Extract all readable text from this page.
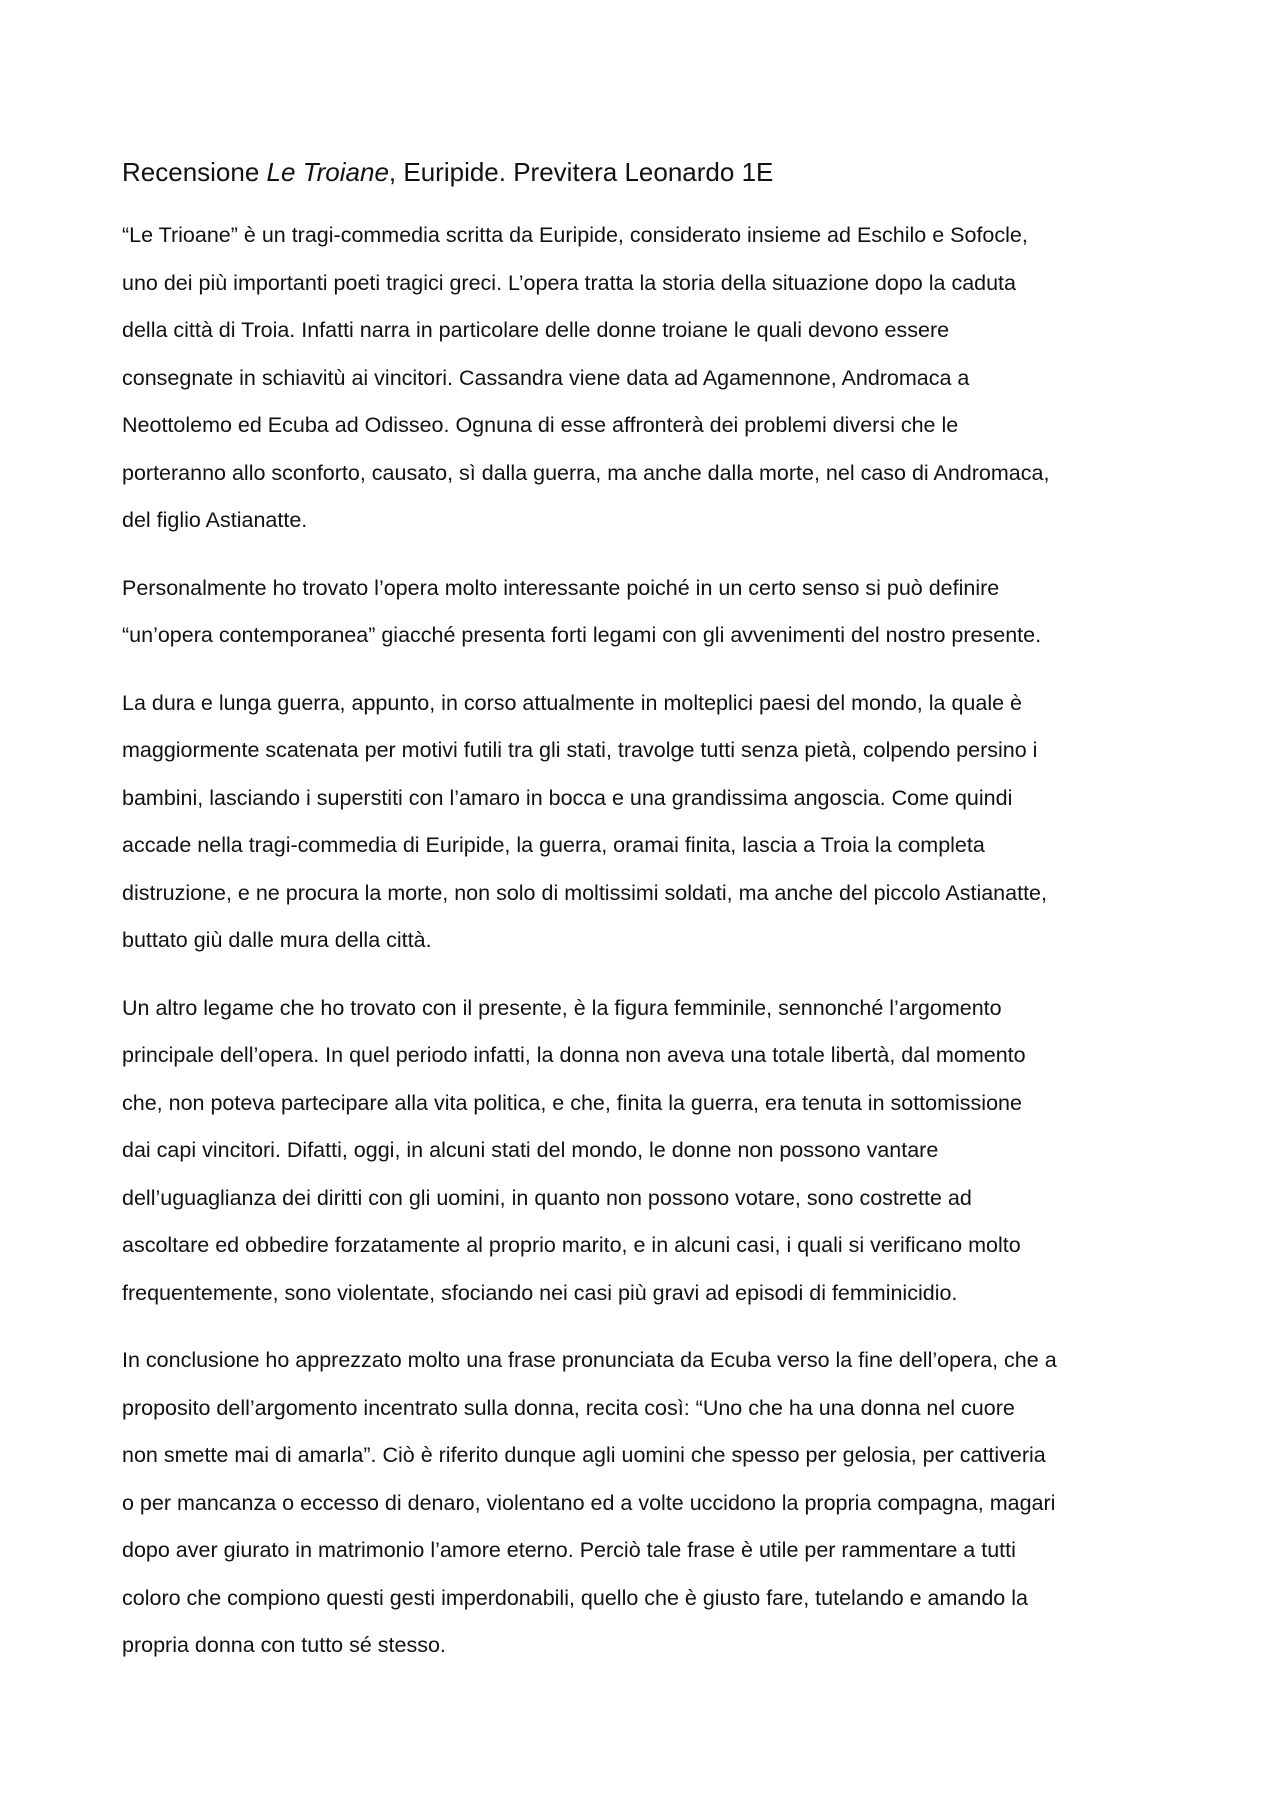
Recensione Le Troiane, Euripide. Previtera Leonardo 1E

“Le Trioane” è un tragi-commedia scritta da Euripide, considerato insieme ad Eschilo e Sofocle,
uno dei più importanti poeti tragici greci. L’opera tratta la storia della situazione dopo la caduta
della città di Troia. Infatti narra in particolare delle donne troiane le quali devono essere
consegnate in schiavitù ai vincitori. Cassandra viene data ad Agamennone, Andromaca a
Neottolemo ed Ecuba ad Odisseo. Ognuna di esse affronterà dei problemi diversi che le
porteranno allo sconforto, causato, sì dalla guerra, ma anche dalla morte, nel caso di Andromaca,
del figlio Astianatte.

Personalmente ho trovato l’opera molto interessante poiché in un certo senso si può definire
“un’opera contemporanea” giacché presenta forti legami con gli avvenimenti del nostro presente.

La dura e lunga guerra, appunto, in corso attualmente in molteplici paesi del mondo, la quale è
maggiormente scatenata per motivi futili tra gli stati, travolge tutti senza pietà, colpendo persino i
bambini, lasciando i superstiti con l’amaro in bocca e una grandissima angoscia. Come quindi
accade nella tragi-commedia di Euripide, la guerra, oramai finita, lascia a Troia la completa
distruzione, e ne procura la morte, non solo di moltissimi soldati, ma anche del piccolo Astianatte,
buttato giù dalle mura della città.

Un altro legame che ho trovato con il presente, è la figura femminile, sennonché l’argomento
principale dell’opera. In quel periodo infatti, la donna non aveva una totale libertà, dal momento
che, non poteva partecipare alla vita politica, e che, finita la guerra, era tenuta in sottomissione
dai capi vincitori. Difatti, oggi, in alcuni stati del mondo, le donne non possono vantare
dell’uguaglianza dei diritti con gli uomini, in quanto non possono votare, sono costrette ad
ascoltare ed obbedire forzatamente al proprio marito, e in alcuni casi, i quali si verificano molto
frequentemente, sono violentate, sfociando nei casi più gravi ad episodi di femminicidio.

In conclusione ho apprezzato molto una frase pronunciata da Ecuba verso la fine dell’opera, che a
proposito dell’argomento incentrato sulla donna, recita così: “Uno che ha una donna nel cuore
non smette mai di amarla”. Ciò è riferito dunque agli uomini che spesso per gelosia, per cattiveria
o per mancanza o eccesso di denaro, violentano ed a volte uccidono la propria compagna, magari
dopo aver giurato in matrimonio l’amore eterno. Perciò tale frase è utile per rammentare a tutti
coloro che compiono questi gesti imperdonabili, quello che è giusto fare, tutelando e amando la
propria donna con tutto sé stesso.
